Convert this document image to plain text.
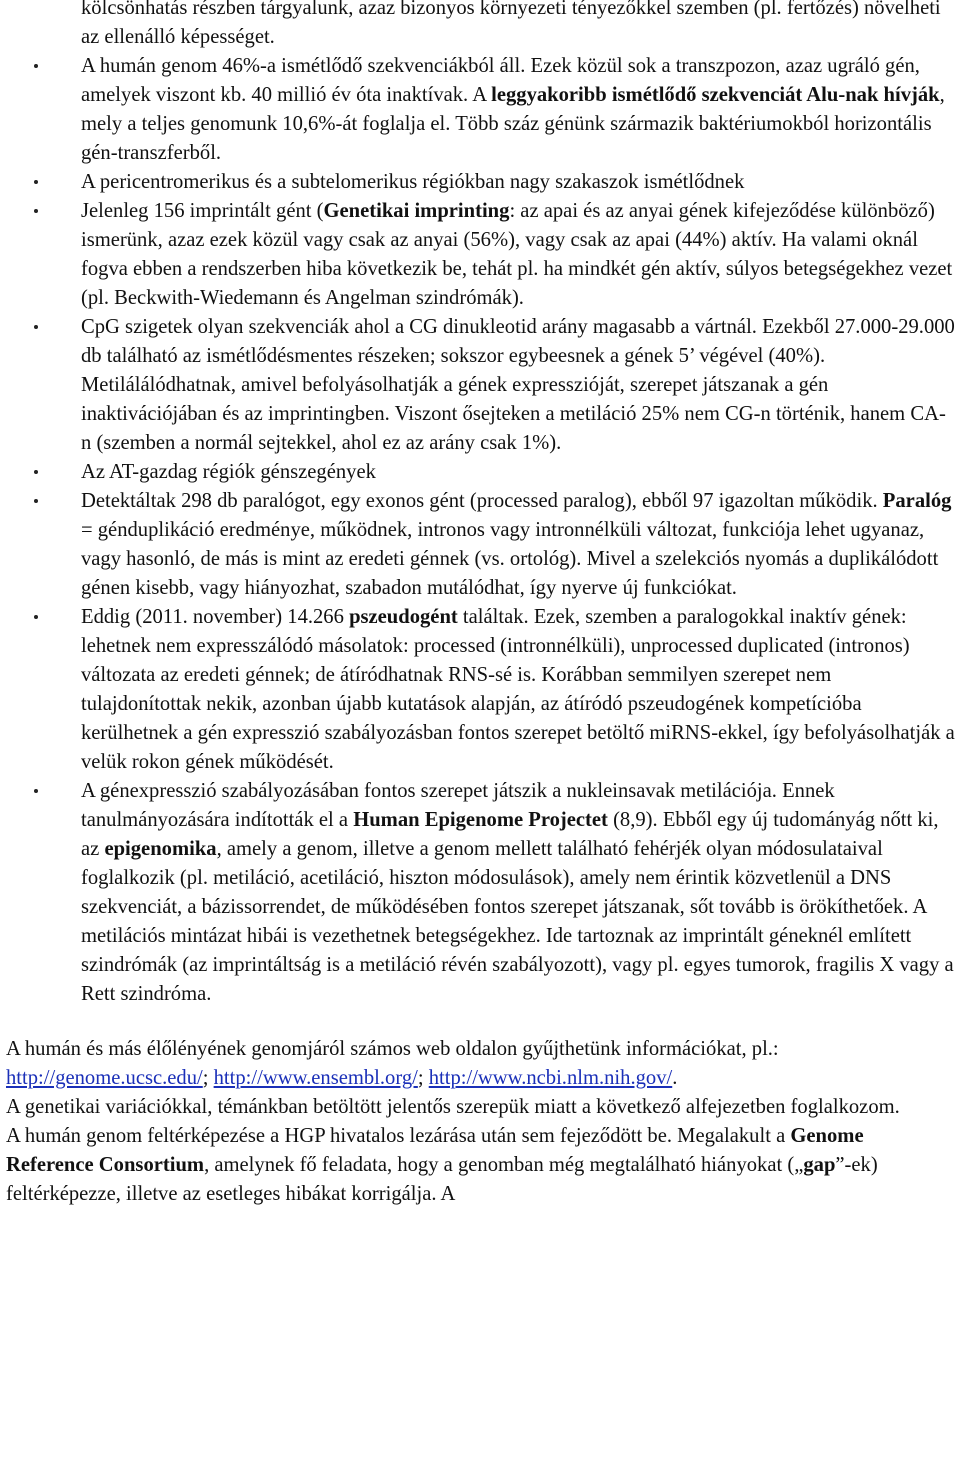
kölcsönhatás részben tárgyalunk, azaz bizonyos környezeti tényezőkkel szemben (pl. fertőzés) növelheti az ellenálló képességet.
A humán genom 46%-a ismétlődő szekvenciákból áll. Ezek közül sok a transzpozon, azaz ugráló gén, amelyek viszont kb. 40 millió év óta inaktívak. A leggyakoribb ismétlődő szekvenciát Alu-nak hívják, mely a teljes genomunk 10,6%-át foglalja el. Több száz génünk származik baktériumokból horizontális gén-transzferből.
A pericentromerikus és a subtelomerikus régiókban nagy szakaszok ismétlődnek
Jelenleg 156 imprintált gént (Genetikai imprinting: az apai és az anyai gének kifejeződése különböző) ismerünk, azaz ezek közül vagy csak az anyai (56%), vagy csak az apai (44%) aktív. Ha valami oknál fogva ebben a rendszerben hiba következik be, tehát pl. ha mindkét gén aktív, súlyos betegségekhez vezet (pl. Beckwith-Wiedemann és Angelman szindrómák).
CpG szigetek olyan szekvenciák ahol a CG dinukleotid arány magasabb a vártnál. Ezekből 27.000-29.000 db található az ismétlődésmentes részeken; sokszor egybeesnek a gének 5’ végével (40%). Metilálálódhatnak, amivel befolyásolhatják a gének expresszióját, szerepet játszanak a gén inaktivációjában és az imprintingben. Viszont ősejteken a metiláció 25% nem CG-n történik, hanem CA-n (szemben a normál sejtekkel, ahol ez az arány csak 1%).
Az AT-gazdag régiók génszegények
Detektáltak 298 db paralógot, egy exonos gént (processed paralog), ebből 97 igazoltan működik. Paralóg = génduplikáció eredménye, működnek, intronos vagy intronnélküli változat, funkciója lehet ugyanaz, vagy hasonló, de más is mint az eredeti génnek (vs. ortológ). Mivel a szelekciós nyomás a duplikálódott génen kisebb, vagy hiányozhat, szabadon mutálódhat, így nyerve új funkciókat.
Eddig (2011. november) 14.266 pszeudogént találtak. Ezek, szemben a paralogokkal inaktív gének: lehetnek nem expresszálódó másolatok: processed (intronnélküli), unprocessed duplicated (intronos) változata az eredeti génnek; de átíródhatnak RNS-sé is. Korábban semmilyen szerepet nem tulajdonítottak nekik, azonban újabb kutatások alapján, az átíródó pszeudogének kompetícióba kerülhetnek a gén expresszió szabályozásban fontos szerepet betöltő miRNS-ekkel, így befolyásolhatják a velük rokon gének működését.
A génexpresszió szabályozásában fontos szerepet játszik a nukleinsavak metilációja. Ennek tanulmányozására indították el a Human Epigenome Projectet (8,9). Ebből egy új tudományág nőtt ki, az epigenomika, amely a genom, illetve a genom mellett található fehérjék olyan módosulataival foglalkozik (pl. metiláció, acetiláció, hiszton módosulások), amely nem érintik közvetlenül a DNS szekvenciát, a bázissorrendet, de működésében fontos szerepet játszanak, sőt tovább is örökíthetőek. A metilációs mintázat hibái is vezethetnek betegségekhez. Ide tartoznak az imprintált géneknél említett szindrómák (az imprintáltság is a metiláció révén szabályozott), vagy pl. egyes tumorok, fragilis X vagy a Rett szindróma.

A humán és más élőlényének genomjáról számos web oldalon gyűjthetünk információkat, pl.:
http://genome.ucsc.edu/; http://www.ensembl.org/; http://www.ncbi.nlm.nih.gov/.

A genetikai variációkkal, témánkban betöltött jelentős szerepük miatt a következő alfejezetben foglalkozom.

A humán genom feltérképezése a HGP hivatalos lezárása után sem fejeződött be. Megalakult a Genome Reference Consortium, amelynek fő feladata, hogy a genomban még megtalálható hiányokat („gap”-ek) feltérképezze, illetve az esetleges hibákat korrigálja. A
